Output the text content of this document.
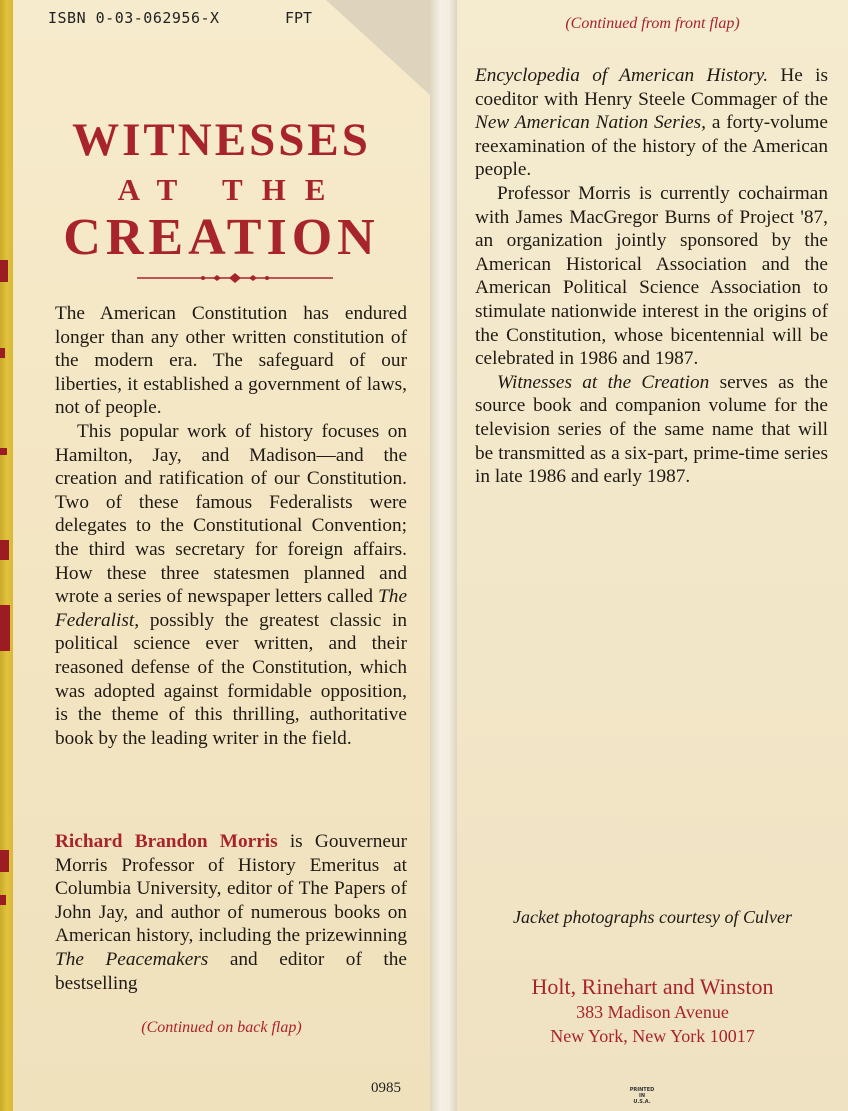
ISBN 0-03-062956-X	FPT
WITNESSES
AT THE
CREATION

The American Constitution has endured longer than any other written constitution of the modern era. The safeguard of our liberties, it established a government of laws, not of people.

This popular work of history focuses on Hamilton, Jay, and Madison—and the creation and ratification of our Constitution. Two of these famous Federalists were delegates to the Constitutional Convention; the third was secretary for foreign affairs. How these three statesmen planned and wrote a series of newspaper letters called The Federalist, possibly the greatest classic in political science ever written, and their reasoned defense of the Constitution, which was adopted against formidable opposition, is the theme of this thrilling, authoritative book by the leading writer in the field.

Richard Brandon Morris is Gouverneur Morris Professor of History Emeritus at Columbia University, editor of The Papers of John Jay, and author of numerous books on American history, including the prizewinning The Peacemakers and editor of the bestselling

(Continued on back flap)
0985
(Continued from front flap)

Encyclopedia of American History. He is coeditor with Henry Steele Commager of the New American Nation Series, a forty-volume reexamination of the history of the American people.

Professor Morris is currently cochairman with James MacGregor Burns of Project '87, an organization jointly sponsored by the American Historical Association and the American Political Science Association to stimulate nationwide interest in the origins of the Constitution, whose bicentennial will be celebrated in 1986 and 1987.

Witnesses at the Creation serves as the source book and companion volume for the television series of the same name that will be transmitted as a six-part, prime-time series in late 1986 and early 1987.

Jacket photographs courtesy of Culver
Holt, Rinehart and Winston
383 Madison Avenue
New York, New York 10017
PRINTED
IN
U.S.A.
